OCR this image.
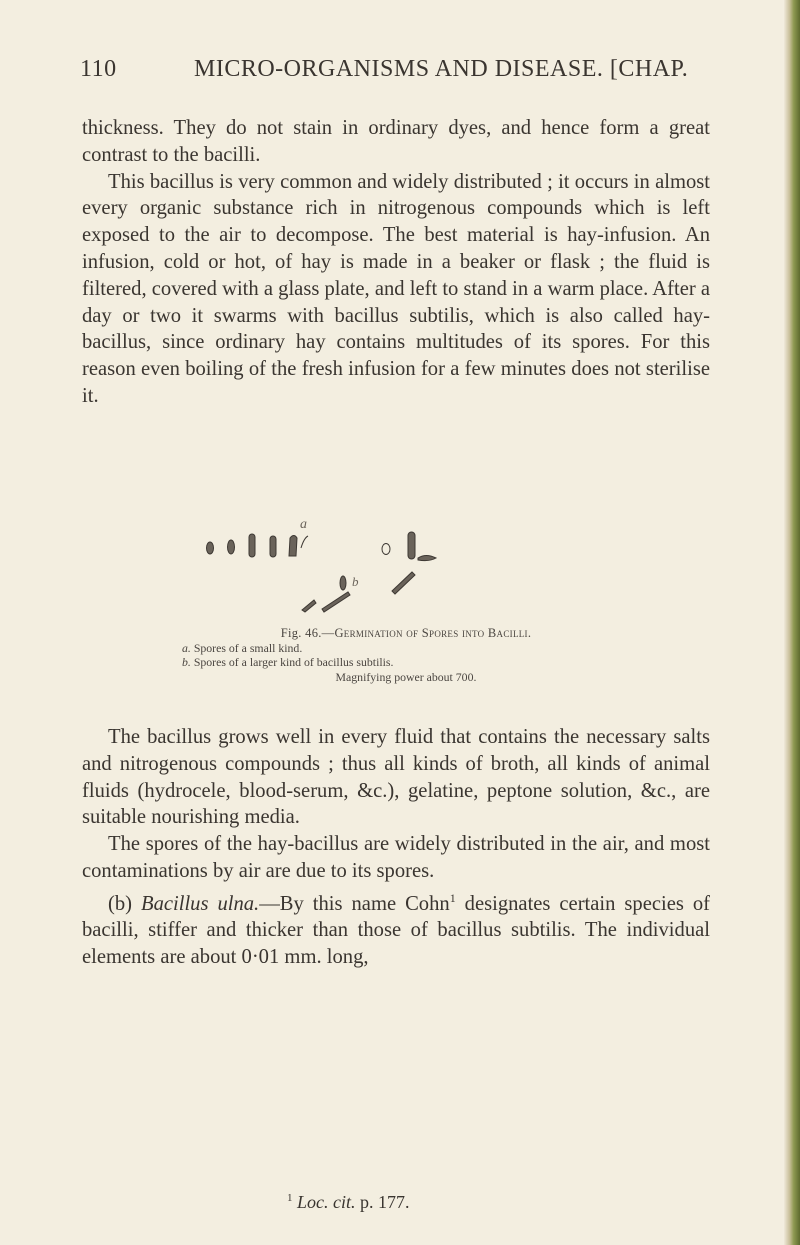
110	MICRO-ORGANISMS AND DISEASE. [CHAP.

thickness. They do not stain in ordinary dyes, and hence form a great contrast to the bacilli.

This bacillus is very common and widely distributed ; it occurs in almost every organic substance rich in nitrogenous compounds which is left exposed to the air to decompose. The best material is hay-infusion. An infusion, cold or hot, of hay is made in a beaker or flask ; the fluid is filtered, covered with a glass plate, and left to stand in a warm place. After a day or two it swarms with bacillus subtilis, which is also called hay-bacillus, since ordinary hay contains multitudes of its spores. For this reason even boiling of the fresh infusion for a few minutes does not sterilise it.

a
b
Fig. 46.—Germination of Spores into Bacilli.
a. Spores of a small kind.
b. Spores of a larger kind of bacillus subtilis.
Magnifying power about 700.

The bacillus grows well in every fluid that contains the necessary salts and nitrogenous compounds ; thus all kinds of broth, all kinds of animal fluids (hydrocele, blood-serum, &c.), gelatine, peptone solution, &c., are suitable nourishing media.

The spores of the hay-bacillus are widely distributed in the air, and most contaminations by air are due to its spores.

(b) Bacillus ulna.—By this name Cohn$^1$ designates certain species of bacilli, stiffer and thicker than those of bacillus subtilis. The individual elements are about 0·01 mm. long,

$^1$ Loc. cit. p. 177.
